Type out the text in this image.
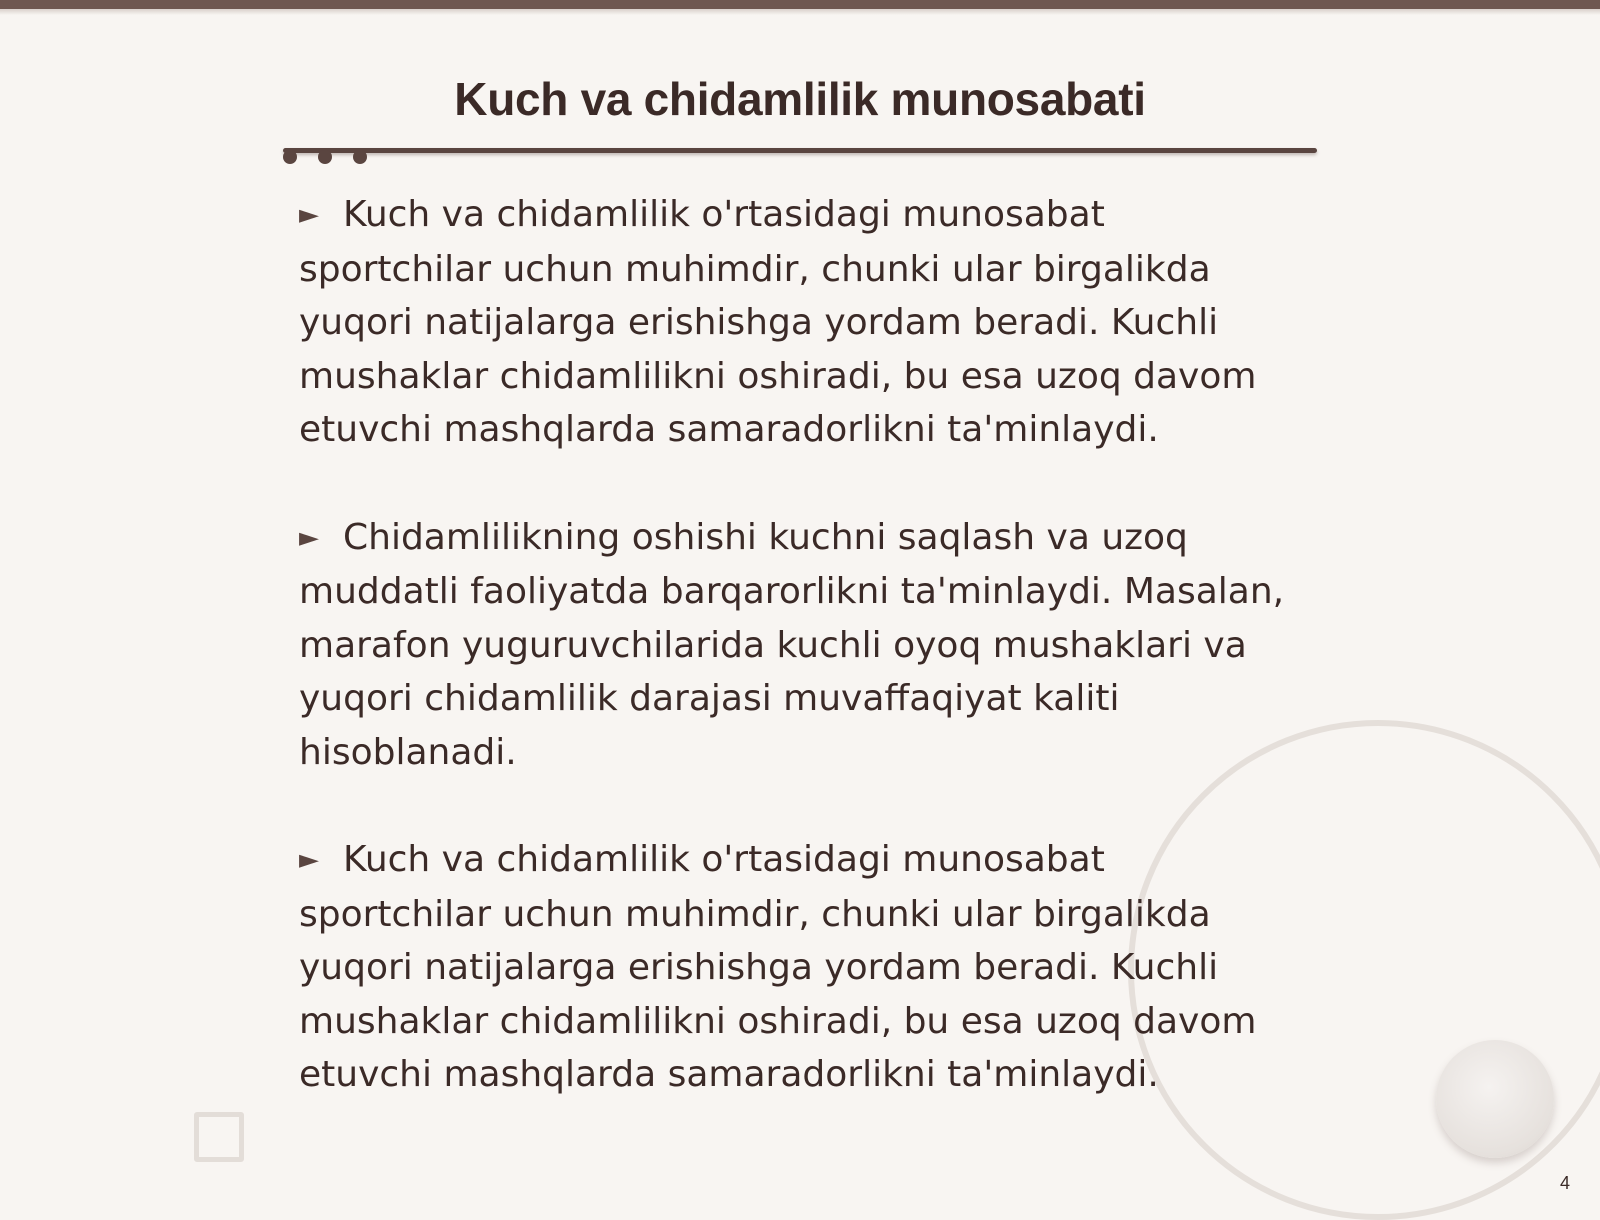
Kuch va chidamlilik munosabati

► Kuch va chidamlilik o'rtasidagi munosabat sportchilar uchun muhimdir, chunki ular birgalikda yuqori natijalarga erishishga yordam beradi. Kuchli mushaklar chidamlilikni oshiradi, bu esa uzoq davom etuvchi mashqlarda samaradorlikni ta'minlaydi.

► Chidamlilikning oshishi kuchni saqlash va uzoq muddatli faoliyatda barqarorlikni ta'minlaydi. Masalan, marafon yuguruvchilarida kuchli oyoq mushaklari va yuqori chidamlilik darajasi muvaffaqiyat kaliti hisoblanadi.

► Kuch va chidamlilik o'rtasidagi munosabat sportchilar uchun muhimdir, chunki ular birgalikda yuqori natijalarga erishishga yordam beradi. Kuchli mushaklar chidamlilikni oshiradi, bu esa uzoq davom etuvchi mashqlarda samaradorlikni ta'minlaydi.

4
